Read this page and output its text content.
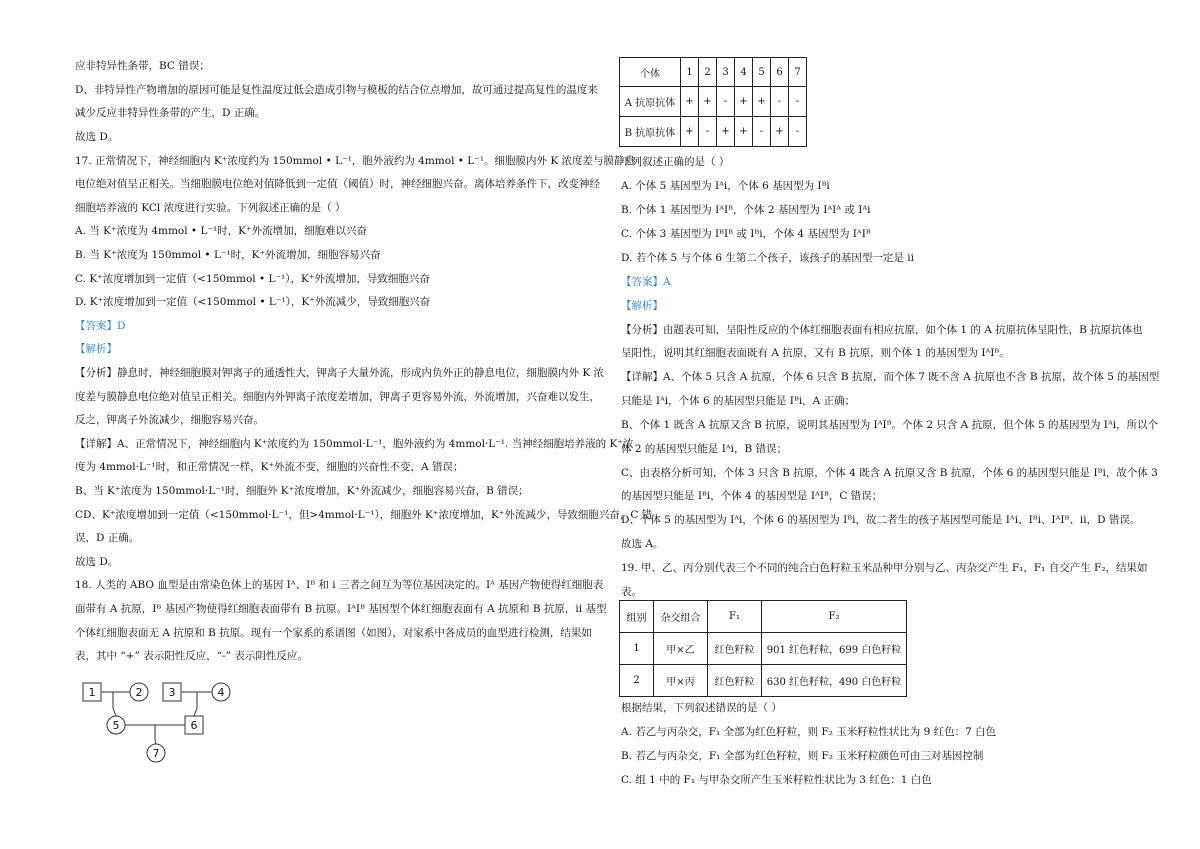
应非特异性条带，BC 错误；
D、非特异性产物增加的原因可能是复性温度过低会造成引物与模板的结合位点增加，故可通过提高复性的温度来
减少反应非特异性条带的产生，D 正确。
故选 D。
17. 正常情况下，神经细胞内 K⁺浓度约为 150mmol • L⁻¹，胞外液约为 4mmol • L⁻¹。细胞膜内外 K 浓度差与膜静息
电位绝对值呈正相关。当细胞膜电位绝对值降低到一定值（阈值）时，神经细胞兴奋。离体培养条件下，改变神经
细胞培养液的 KCl 浓度进行实验。下列叙述正确的是（ ）
A. 当 K⁺浓度为 4mmol • L⁻¹时，K⁺外流增加，细胞难以兴奋
B. 当 K⁺浓度为 150mmol • L⁻¹时，K⁺外流增加，细胞容易兴奋
C. K⁺浓度增加到一定值（<150mmol • L⁻¹），K⁺外流增加，导致细胞兴奋
D. K⁺浓度增加到一定值（<150mmol • L⁻¹），K⁺外流减少，导致细胞兴奋
【答案】D
【解析】
【分析】静息时，神经细胞膜对钾离子的通透性大，钾离子大量外流，形成内负外正的静息电位，细胞膜内外 K 浓
度差与膜静息电位绝对值呈正相关。细胞内外钾离子浓度差增加，钾离子更容易外流，外流增加，兴奋难以发生，
反之，钾离子外流减少，细胞容易兴奋。
【详解】A、正常情况下，神经细胞内 K⁺浓度约为 150mmol·L⁻¹，胞外液约为 4mmol·L⁻¹. 当神经细胞培养液的 K⁺浓
度为 4mmol·L⁻¹时，和正常情况一样，K⁺外流不变，细胞的兴奋性不变，A 错误；
B、当 K⁺浓度为 150mmol·L⁻¹时，细胞外 K⁺浓度增加，K⁺外流减少，细胞容易兴奋，B 错误；
CD、K⁺浓度增加到一定值（<150mmol·L⁻¹，但>4mmol·L⁻¹），细胞外 K⁺浓度增加，K⁺外流减少，导致细胞兴奋，C 错
误，D 正确。
故选 D。
18. 人类的 ABO 血型是由常染色体上的基因 Iᴬ、Iᴮ 和 i 三者之间互为等位基因决定的。Iᴬ 基因产物使得红细胞表
面带有 A 抗原，Iᴮ 基因产物使得红细胞表面带有 B 抗原。IᴬIᴮ 基因型个体红细胞表面有 A 抗原和 B 抗原，ii 基型
个体红细胞表面无 A 抗原和 B 抗原。现有一个家系的系谱图（如图），对家系中各成员的血型进行检测，结果如
表，其中 “+” 表示阳性反应，“-” 表示阴性反应。
1	2 3	4
5	6
7
个体	1	2	3	4	5	6	7
A 抗原抗体	+	+	-	+	+	-	-
B 抗原抗体	+	-	+	+	-	+	-
下列叙述正确的是（ ）
A. 个体 5 基因型为 Iᴬi，个体 6 基因型为 Iᴮi
B. 个体 1 基因型为 IᴬIᴮ，个体 2 基因型为 IᴬIᴬ 或 Iᴬi
C. 个体 3 基因型为 IᴮIᴮ 或 Iᴮi，个体 4 基因型为 IᴬIᴮ
D. 若个体 5 与个体 6 生第二个孩子，该孩子的基因型一定是 ii
【答案】A
【解析】
【分析】由题表可知，呈阳性反应的个体红细胞表面有相应抗原，如个体 1 的 A 抗原抗体呈阳性，B 抗原抗体也
呈阳性，说明其红细胞表面既有 A 抗原，又有 B 抗原，则个体 1 的基因型为 IᴬIᴮ。
【详解】A、个体 5 只含 A 抗原，个体 6 只含 B 抗原，而个体 7 既不含 A 抗原也不含 B 抗原，故个体 5 的基因型
只能是 Iᴬi，个体 6 的基因型只能是 Iᴮi，A 正确；
B、个体 1 既含 A 抗原又含 B 抗原，说明其基因型为 IᴬIᴮ。个体 2 只含 A 抗原，但个体 5 的基因型为 Iᴬi，所以个
体 2 的基因型只能是 Iᴬi，B 错误；
C、由表格分析可知，个体 3 只含 B 抗原，个体 4 既含 A 抗原又含 B 抗原，个体 6 的基因型只能是 Iᴮi，故个体 3
的基因型只能是 Iᴮi，个体 4 的基因型是 IᴬIᴮ，C 错误；
D、个体 5 的基因型为 Iᴬi，个体 6 的基因型为 Iᴮi，故二者生的孩子基因型可能是 Iᴬi、Iᴮi、IᴬIᴮ、ii，D 错误。
故选 A。
19. 甲、乙、丙分别代表三个不同的纯合白色籽粒玉米品种甲分别与乙、丙杂交产生 F₁，F₁ 自交产生 F₂，结果如
表。
组别	杂交组合	F₁	F₂
1	甲×乙	红色籽粒	901 红色籽粒，699 白色籽粒
2	甲×丙	红色籽粒	630 红色籽粒，490 白色籽粒
根据结果，下列叙述错误的是（ ）
A. 若乙与丙杂交，F₁ 全部为红色籽粒，则 F₂ 玉米籽粒性状比为 9 红色：7 白色
B. 若乙与丙杂交，F₁ 全部为红色籽粒，则 F₂ 玉米籽粒颜色可由三对基因控制
C. 组 1 中的 F₁ 与甲杂交所产生玉米籽粒性状比为 3 红色：1 白色
